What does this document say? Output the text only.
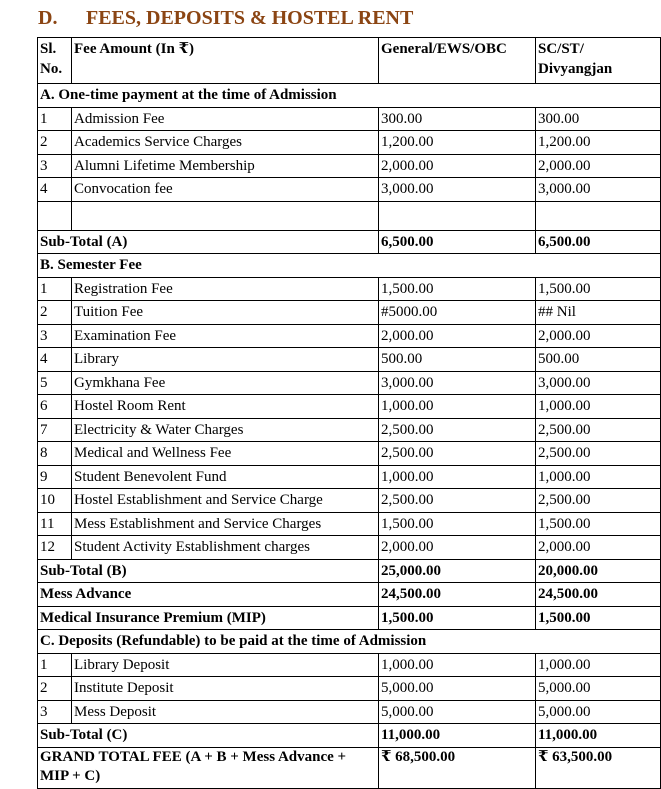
D. FEES, DEPOSITS & HOSTEL RENT
Sl. No.	Fee Amount (In ₹)	General/EWS/OBC	SC/ST/ Divyangjan
A. One-time payment at the time of Admission			
1	Admission Fee	300.00	300.00
2	Academics Service Charges	1,200.00	1,200.00
3	Alumni Lifetime Membership	2,000.00	2,000.00
4	Convocation fee	3,000.00	3,000.00

Sub-Total (A)		6,500.00	6,500.00
B. Semester Fee			
1	Registration Fee	1,500.00	1,500.00
2	Tuition Fee	#5000.00	## Nil
3	Examination Fee	2,000.00	2,000.00
4	Library	500.00	500.00
5	Gymkhana Fee	3,000.00	3,000.00
6	Hostel Room Rent	1,000.00	1,000.00
7	Electricity & Water Charges	2,500.00	2,500.00
8	Medical and Wellness Fee	2,500.00	2,500.00
9	Student Benevolent Fund	1,000.00	1,000.00
10	Hostel Establishment and Service Charge	2,500.00	2,500.00
11	Mess Establishment and Service Charges	1,500.00	1,500.00
12	Student Activity Establishment charges	2,000.00	2,000.00
Sub-Total (B)		25,000.00	20,000.00
Mess Advance		24,500.00	24,500.00
Medical Insurance Premium (MIP)		1,500.00	1,500.00
C. Deposits (Refundable) to be paid at the time of Admission			
1	Library Deposit	1,000.00	1,000.00
2	Institute Deposit	5,000.00	5,000.00
3	Mess Deposit	5,000.00	5,000.00
Sub-Total (C)		11,000.00	11,000.00
GRAND TOTAL FEE (A + B + Mess Advance + MIP + C)		₹ 68,500.00	₹ 63,500.00
